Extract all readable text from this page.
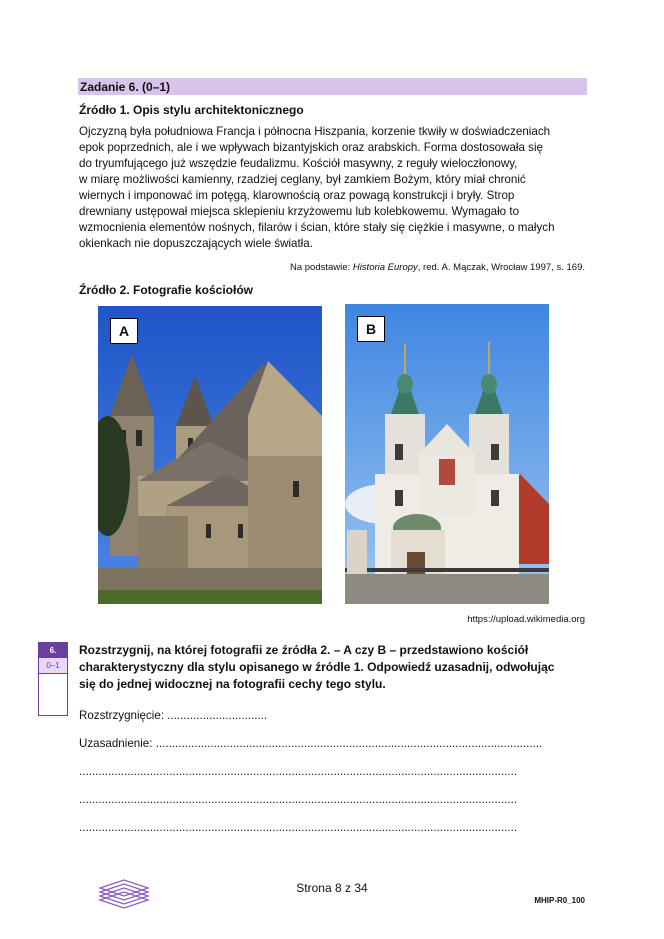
Zadanie 6. (0–1)
Źródło 1. Opis stylu architektonicznego
Ojczyzną była południowa Francja i północna Hiszpania, korzenie tkwiły w doświadczeniach
epok poprzednich, ale i we wpływach bizantyjskich oraz arabskich. Forma dostosowała się
do tryumfującego już wszędzie feudalizmu. Kościół masywny, z reguły wieloczłonowy,
w miarę możliwości kamienny, rzadziej ceglany, był zamkiem Bożym, który miał chronić
wiernych i imponować im potęgą, klarownością oraz powagą konstrukcji i bryły. Strop
drewniany ustępował miejsca sklepieniu krzyżowemu lub kolebkowemu. Wymagało to
wzmocnienia elementów nośnych, filarów i ścian, które stały się ciężkie i masywne, o małych
okienkach nie dopuszczających wiele światła.
Na podstawie: Historia Europy, red. A. Mączak, Wrocław 1997, s. 169.
Źródło 2. Fotografie kościołów
A	B
https://upload.wikimedia.org
6.
0–1
Rozstrzygnij, na której fotografii ze źródła 2. – A czy B – przedstawiono kościół
charakterystyczny dla stylu opisanego w źródle 1. Odpowiedź uzasadnij, odwołując
się do jednej widocznej na fotografii cechy tego stylu.
Rozstrzygnięcie: ...............................
Uzasadnienie: ........................................................................................................................
........................................................................................................................................
........................................................................................................................................
........................................................................................................................................
Strona 8 z 34
MHIP-R0_100
